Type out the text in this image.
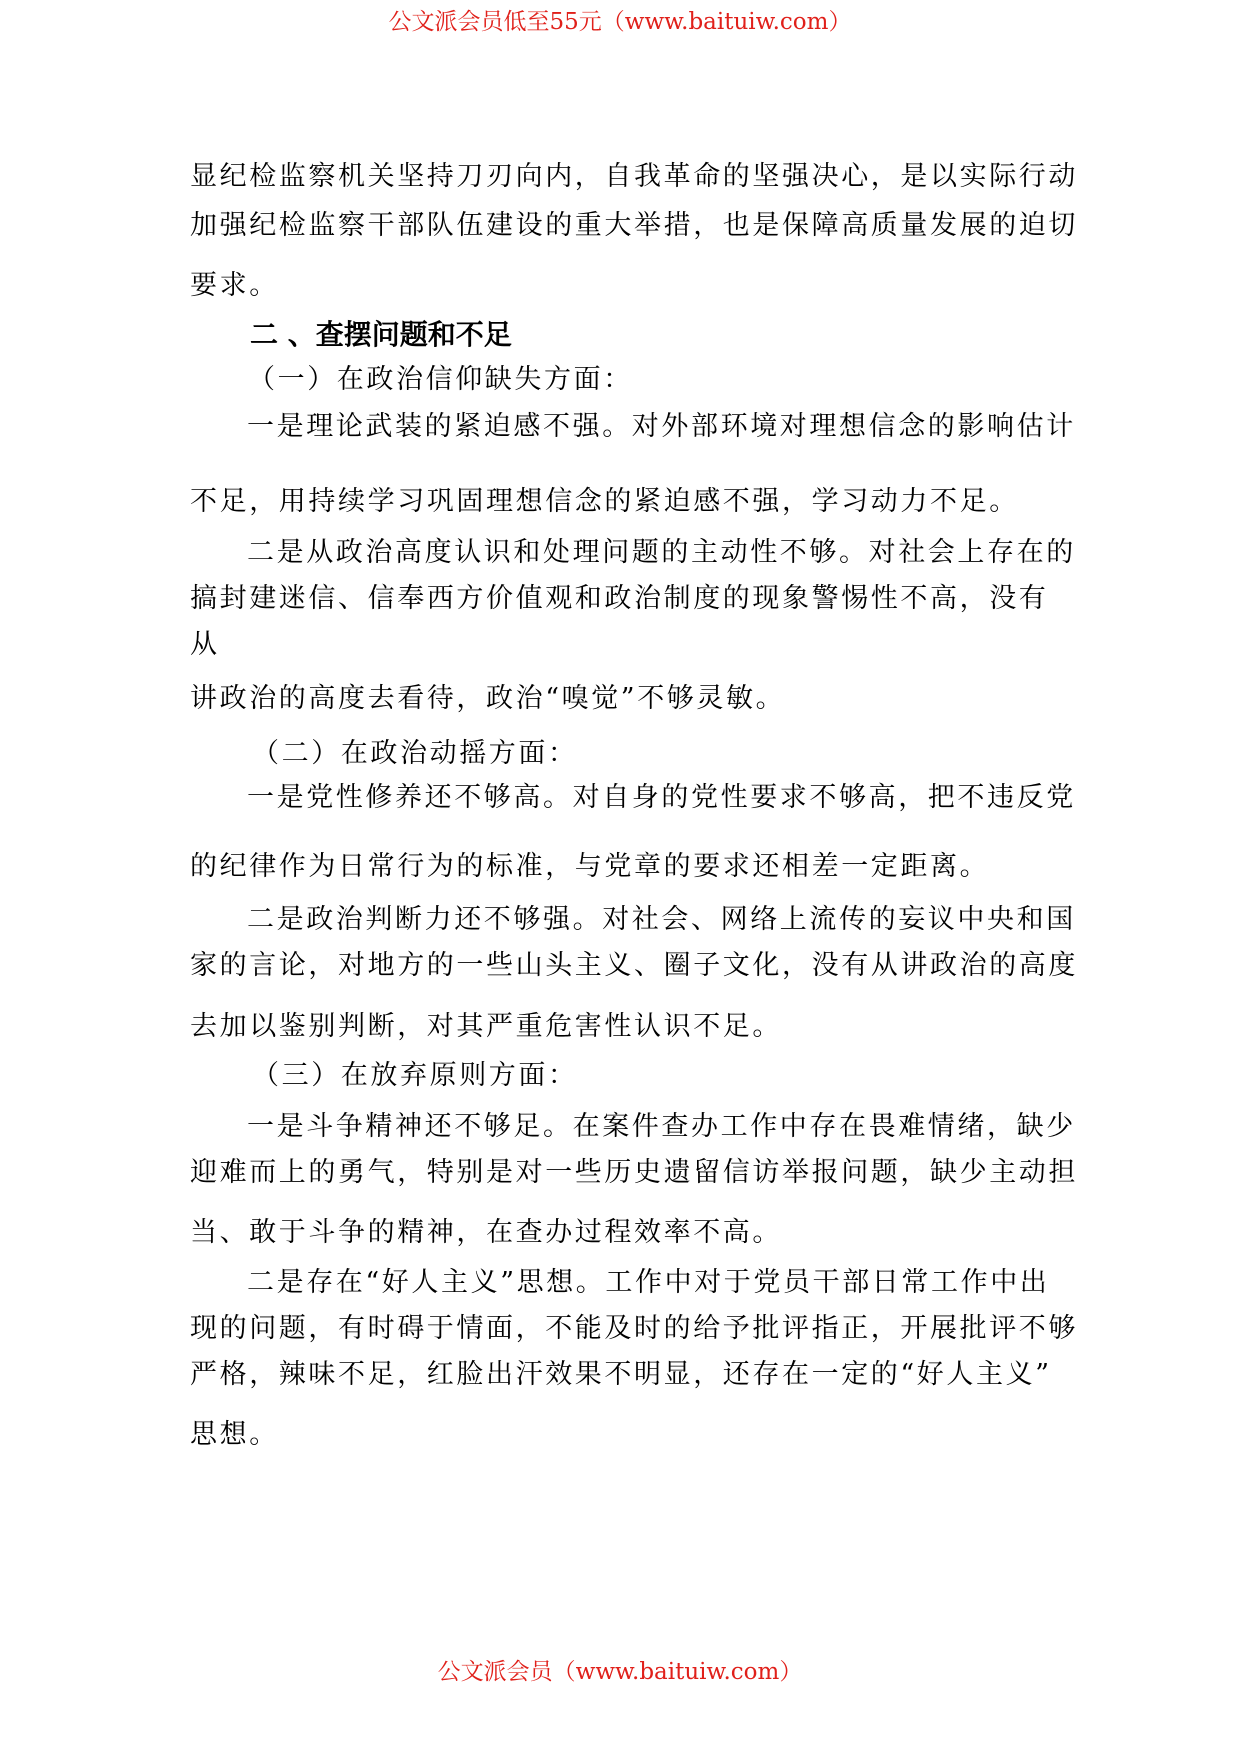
公文派会员低至55元（www.baituiw.com）
显纪检监察机关坚持刀刃向内，自我革命的坚强决心，是以实际行动
加强纪检监察干部队伍建设的重大举措，也是保障高质量发展的迫切
要求。
二 、查摆问题和不足
（一）在政治信仰缺失方面：
一是理论武装的紧迫感不强。对外部环境对理想信念的影响估计
不足，用持续学习巩固理想信念的紧迫感不强，学习动力不足。
二是从政治高度认识和处理问题的主动性不够。对社会上存在的
搞封建迷信、信奉西方价值观和政治制度的现象警惕性不高，没有
从
讲政治的高度去看待，政治“嗅觉”不够灵敏。
（二）在政治动摇方面：
一是党性修养还不够高。对自身的党性要求不够高，把不违反党
的纪律作为日常行为的标准，与党章的要求还相差一定距离。
二是政治判断力还不够强。对社会、网络上流传的妄议中央和国
家的言论，对地方的一些山头主义、圈子文化，没有从讲政治的高度
去加以鉴别判断，对其严重危害性认识不足。
（三）在放弃原则方面：
一是斗争精神还不够足。在案件查办工作中存在畏难情绪，缺少
迎难而上的勇气，特别是对一些历史遗留信访举报问题，缺少主动担
当、敢于斗争的精神，在查办过程效率不高。
二是存在“好人主义”思想。工作中对于党员干部日常工作中出
现的问题，有时碍于情面，不能及时的给予批评指正，开展批评不够
严格，辣味不足，红脸出汗效果不明显，还存在一定的“好人主义”
思想。
公文派会员（www.baituiw.com）
